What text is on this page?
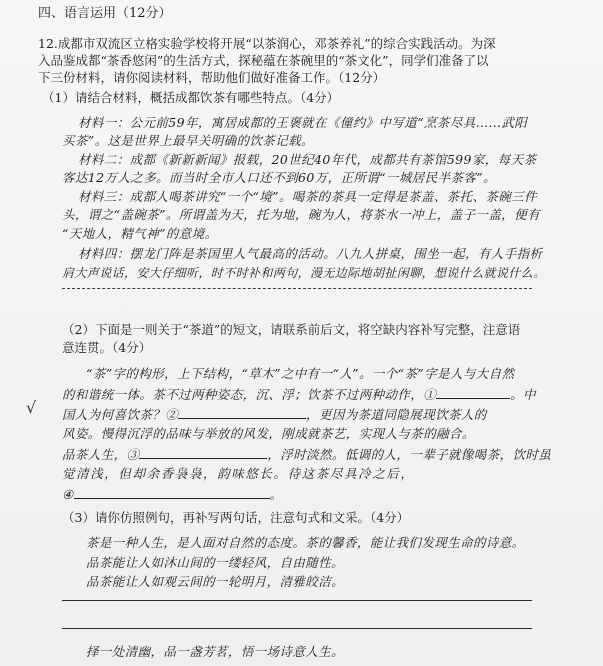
四、语言运用（12分）
12.成都市双流区立格实验学校将开展“以茶润心，邓茶养礼”的综合实践活动。为深
入品鉴成都“茶香悠闲”的生活方式，探秘蕴在茶碗里的“茶文化”，同学们准备了以
下三份材料，请你阅读材料，帮助他们做好准备工作。（12分）
（1）请结合材料，概括成都饮茶有哪些特点。（4分）
材料一：公元前59年，寓居成都的王褒就在《僮约》中写道“烹茶尽具……武阳
买茶”。这是世界上最早关明确的饮茶记载。
材料二：成都《新新新闻》报载，20世纪40年代，成都共有茶馆599家，每天茶
客达12万人之多。而当时全市人口还不到60万，正所谓“一城居民半茶客”。
材料三：成都人喝茶讲究“一个“境”。喝茶的茶具一定得是茶盖、茶托、茶碗三件
头，谓之“盖碗茶”。所谓盖为天，托为地，碗为人，将茶水一冲上，盖子一盖，便有
“天地人，精气神”的意境。
材料四：摆龙门阵是茶国里人气最高的活动。八九人拼桌，围坐一起，有人手指析
肩大声说话，安大仔细听，时不时补和两句，漫无边际地胡扯闲聊，想说什么就说什么。
（2）下面是一则关于“茶道”的短文，请联系前后文，将空缺内容补写完整，注意语
意连贯。（4分）
“茶”字的构形，上下结构，“草木”之中有一“人”。一个“茶”字是人与大自然
的和谐统一体。茶不过两种姿态，沉、浮；饮茶不过两种动作，①	。中
√ 国人为何喜饮茶？②	，更因为茶道同隐展现饮茶人的
风姿。慢得沉浮的品味与举放的风发，刚成就茶艺，实现人与茶的融合。
品茶人生，③	，浮时淡然。低调的人，一辈子就像喝茶，饮时虽
觉清浅，但却余香袅袅，韵味悠长。待这茶尽具冷之后，
④	。
（3）请你仿照例句，再补写两句话，注意句式和文采。（4分）
茶是一种人生，是人面对自然的态度。茶的馨香，能让我们发现生命的诗意。
品茶能让人如沐山间的一缕轻风，自由随性。
品茶能让人如观云间的一轮明月，清雅皎洁。
择一处清幽，品一盏芳茗，悟一场诗意人生。
